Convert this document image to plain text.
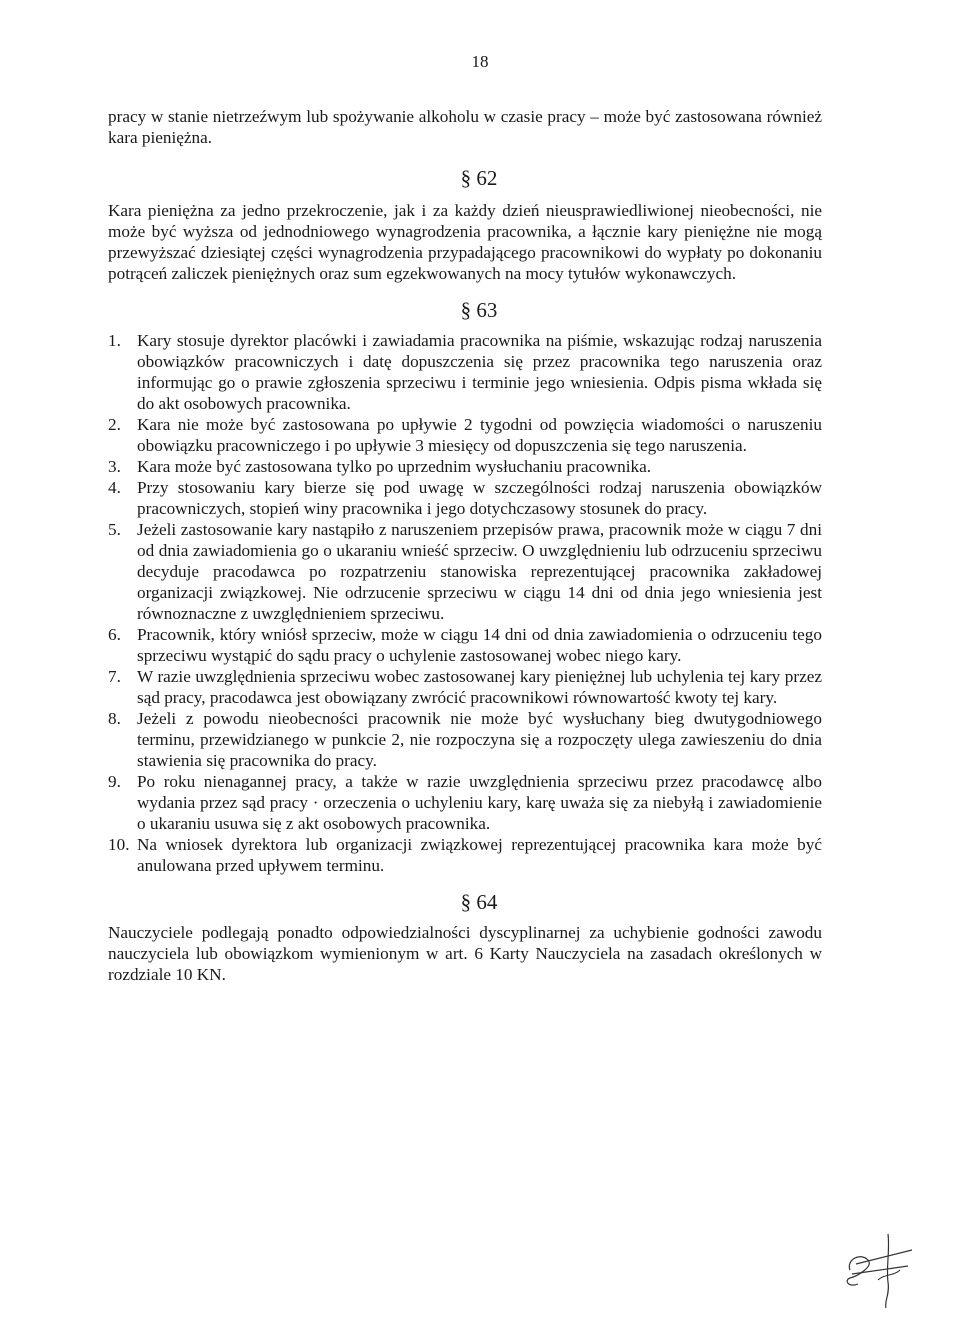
18

pracy w stanie nietrzeźwym lub spożywanie alkoholu w czasie pracy – może być zastosowana również kara pieniężna.

§ 62

Kara pieniężna za jedno przekroczenie, jak i za każdy dzień nieusprawiedliwionej nieobecności, nie może być wyższa od jednodniowego wynagrodzenia pracownika, a łącznie kary pieniężne nie mogą przewyższać dziesiątej części wynagrodzenia przypadającego pracownikowi do wypłaty po dokonaniu potrąceń zaliczek pieniężnych oraz sum egzekwowanych na mocy tytułów wykonawczych.

§ 63
1. Kary stosuje dyrektor placówki i zawiadamia pracownika na piśmie, wskazując rodzaj naruszenia obowiązków pracowniczych i datę dopuszczenia się przez pracownika tego naruszenia oraz informując go o prawie zgłoszenia sprzeciwu i terminie jego wniesienia. Odpis pisma wkłada się do akt osobowych pracownika.
2. Kara nie może być zastosowana po upływie 2 tygodni od powzięcia wiadomości o naruszeniu obowiązku pracowniczego i po upływie 3 miesięcy od dopuszczenia się tego naruszenia.
3. Kara może być zastosowana tylko po uprzednim wysłuchaniu pracownika.
4. Przy stosowaniu kary bierze się pod uwagę w szczególności rodzaj naruszenia obowiązków pracowniczych, stopień winy pracownika i jego dotychczasowy stosunek do pracy.
5. Jeżeli zastosowanie kary nastąpiło z naruszeniem przepisów prawa, pracownik może w ciągu 7 dni od dnia zawiadomienia go o ukaraniu wnieść sprzeciw. O uwzględnieniu lub odrzuceniu sprzeciwu decyduje pracodawca po rozpatrzeniu stanowiska reprezentującej pracownika zakładowej organizacji związkowej. Nie odrzucenie sprzeciwu w ciągu 14 dni od dnia jego wniesienia jest równoznaczne z uwzględnieniem sprzeciwu.
6. Pracownik, który wniósł sprzeciw, może w ciągu 14 dni od dnia zawiadomienia o odrzuceniu tego sprzeciwu wystąpić do sądu pracy o uchylenie zastosowanej wobec niego kary.
7. W razie uwzględnienia sprzeciwu wobec zastosowanej kary pieniężnej lub uchylenia tej kary przez sąd pracy, pracodawca jest obowiązany zwrócić pracownikowi równowartość kwoty tej kary.
8. Jeżeli z powodu nieobecności pracownik nie może być wysłuchany bieg dwutygodniowego terminu, przewidzianego w punkcie 2, nie rozpoczyna się a rozpoczęty ulega zawieszeniu do dnia stawienia się pracownika do pracy.
9. Po roku nienagannej pracy, a także w razie uwzględnienia sprzeciwu przez pracodawcę albo wydania przez sąd pracy · orzeczenia o uchyleniu kary, karę uważa się za niebyłą i zawiadomienie o ukaraniu usuwa się z akt osobowych pracownika.
10. Na wniosek dyrektora lub organizacji związkowej reprezentującej pracownika kara może być anulowana przed upływem terminu.
§ 64

Nauczyciele podlegają ponadto odpowiedzialności dyscyplinarnej za uchybienie godności zawodu nauczyciela lub obowiązkom wymienionym w art. 6 Karty Nauczyciela na zasadach określonych w rozdziale 10 KN.
